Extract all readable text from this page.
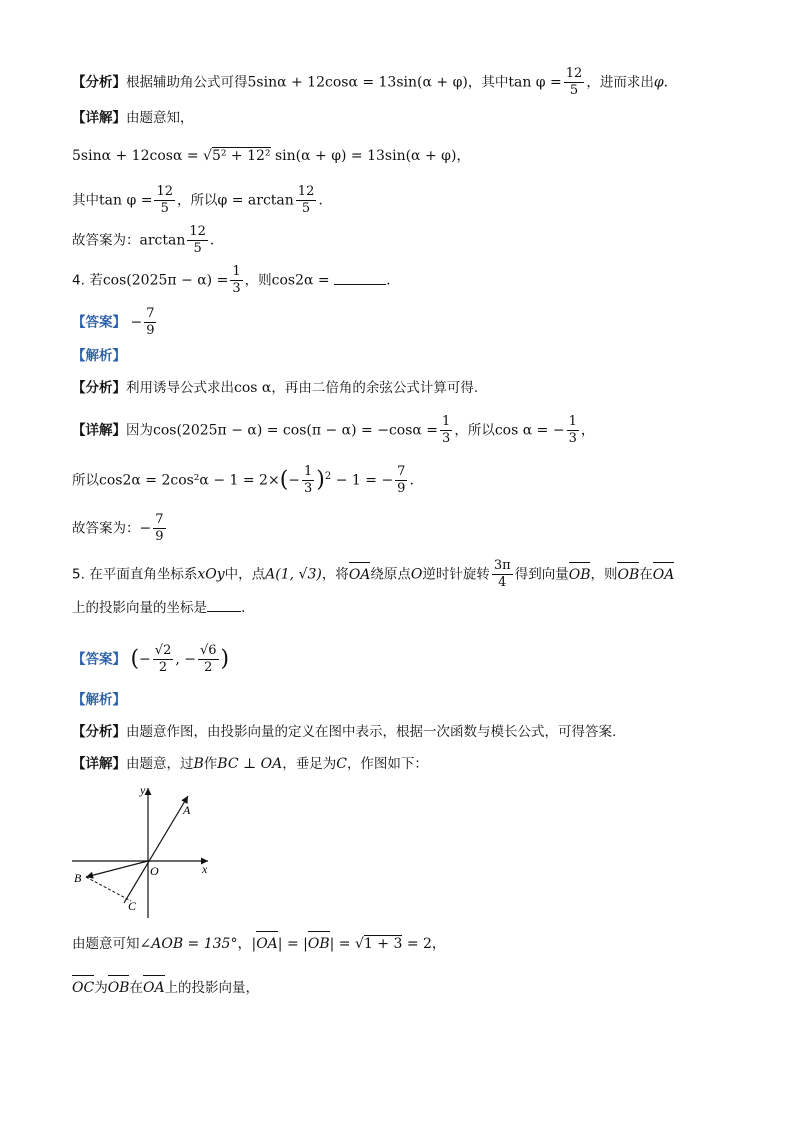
【分析】根据辅助角公式可得5sinα + 12cosα = 13sin(α + φ)，其中$\tan \varphi = \frac{12}{5}$ ，进而求出φ.
【详解】由题意知，
5sinα + 12cosα = √5² + 12² sin(α + φ) = 13sin(α + φ)，
其中$\tan \varphi = \frac{12}{5}$ ，所以$\varphi = \arctan \frac{12}{5}$ .
故答案为：$\arctan \frac{12}{5}$ .
4. 若$\cos(2025\pi - \alpha) = \frac{1}{3}$ ，则cos2α =	.
【答案】 − $\frac{7}{9}$
【解析】
【分析】利用诱导公式求出cos α，再由二倍角的余弦公式计算可得.
【详解】因为$\cos(2025\pi - \alpha) = \cos(\pi - \alpha) = -\cos\alpha = \frac{1}{3}$ ，所以cos α = − $\frac{1}{3}$ ，
所以$\cos 2\alpha = 2\cos^2\alpha - 1 = 2\times(- \frac{1}{3} )^2 - 1$ = − $\frac{7}{9}$ .
故答案为：− $\frac{7}{9}$
5. 在平面直角坐标系xOy中，点A(1, √3)，将OA绕原点O逆时针旋转 $\frac{3\pi}{4}$ 得到向量OB，则OB在OA
上的投影向量的坐标是 .
【答案】 (− $\frac{√2}{2}$ , − $\frac{√6}{2}$ )
【解析】
【分析】由题意作图，由投影向量的定义在图中表示，根据一次函数与模长公式，可得答案.
【详解】由题意，过B作BC ⊥ OA，垂足为C，作图如下：
y
x
A
O
B
C
由题意可知∠AOB = 135°，|OA| = |OB| = √1 + 3 = 2，
OC为OB在OA上的投影向量，
